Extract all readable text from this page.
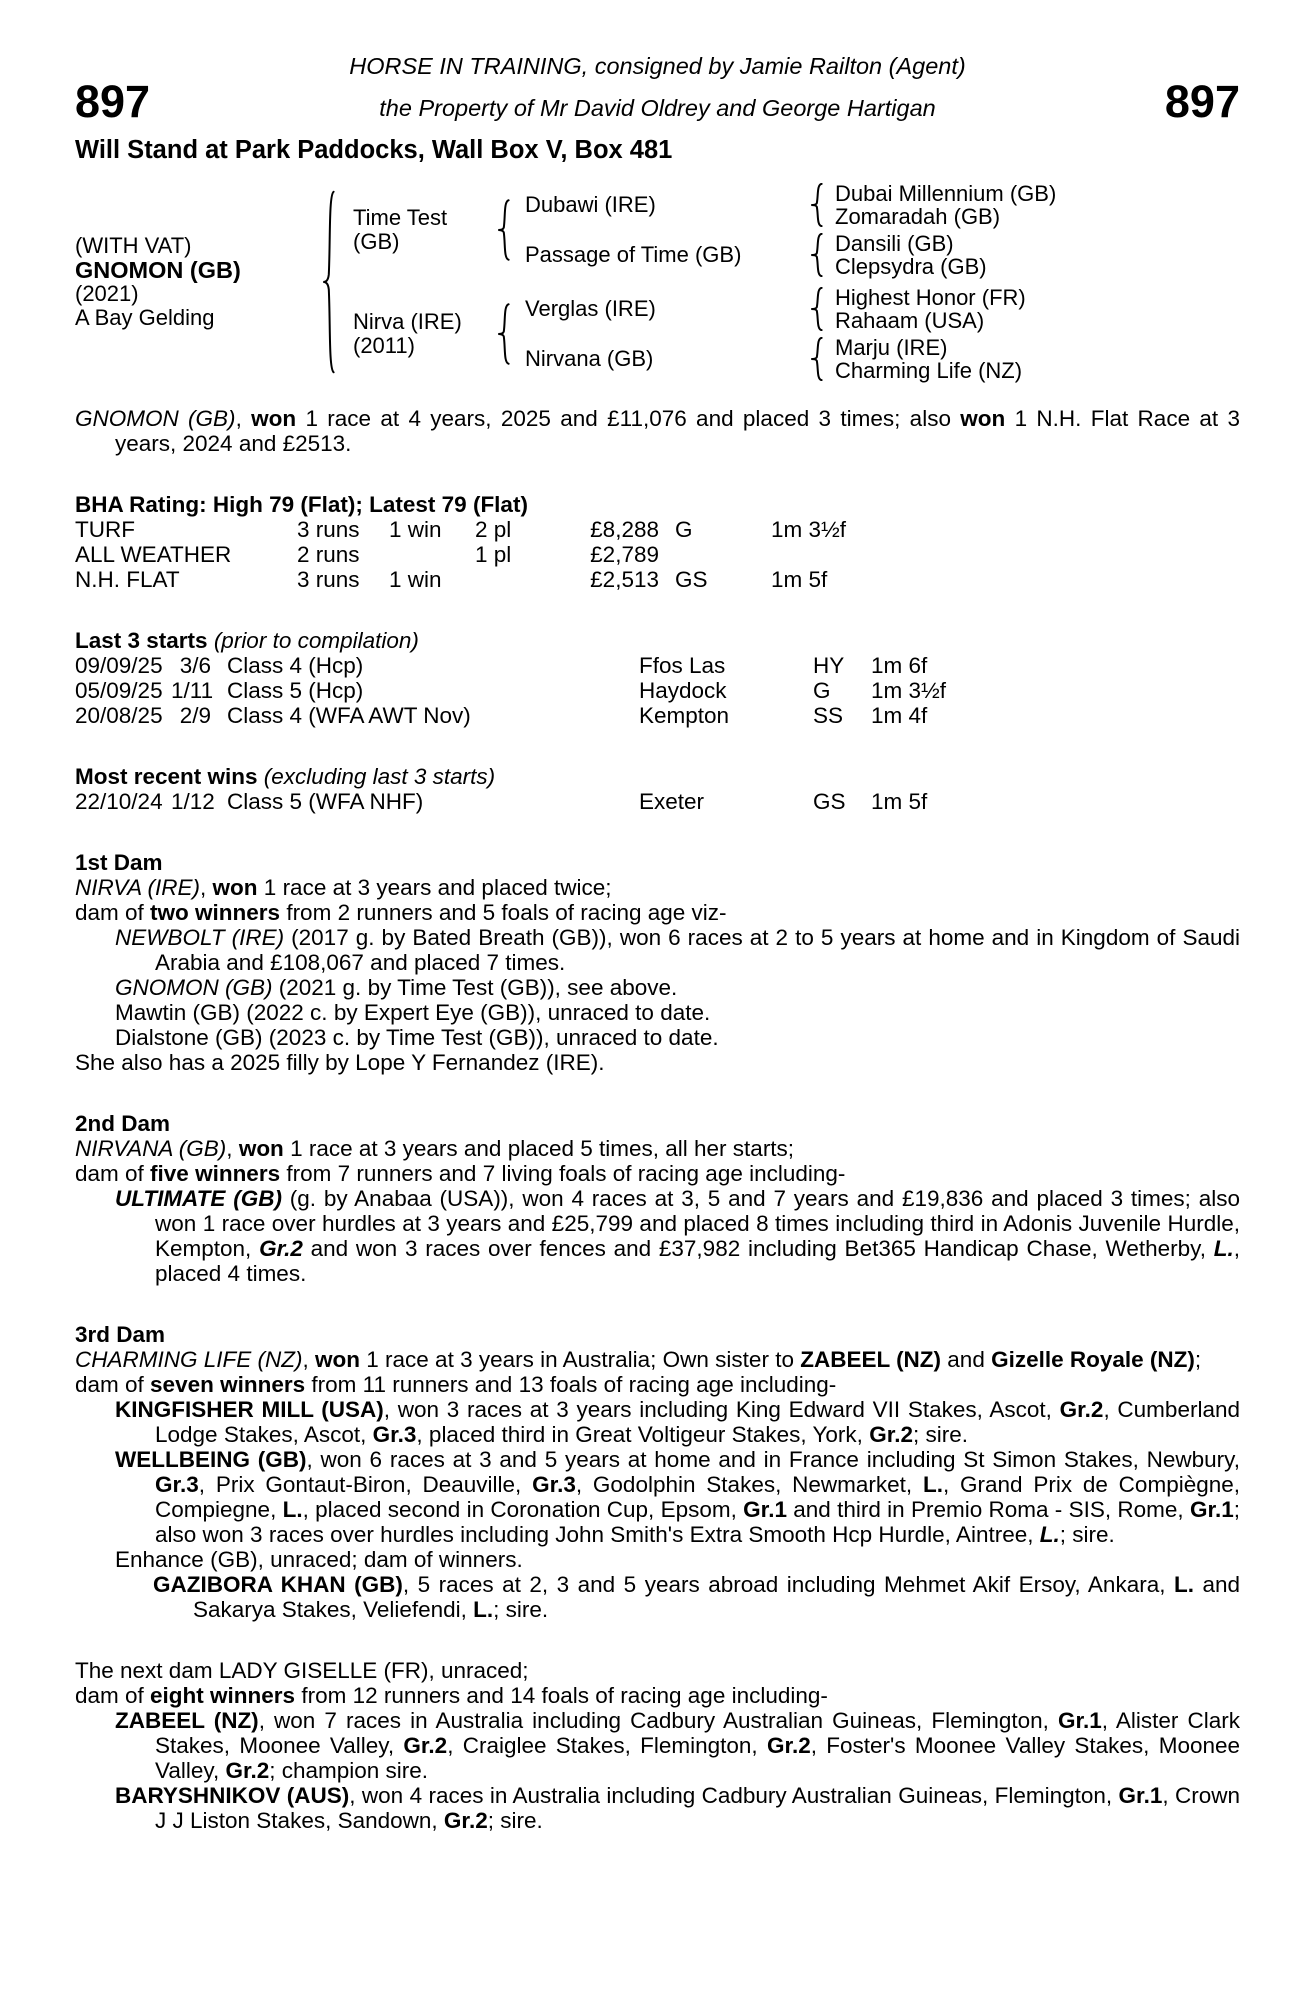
HORSE IN TRAINING, consigned by Jamie Railton (Agent)
897	the Property of Mr David Oldrey and George Hartigan	897
Will Stand at Park Paddocks, Wall Box V, Box 481
(WITH VAT)
GNOMON (GB)
(2021)
A Bay Gelding
Time Test (GB)
Dubawi (IRE)	Dubai Millennium (GB)
Zomaradah (GB)
Passage of Time (GB)	Dansili (GB)
Clepsydra (GB)
Nirva (IRE)
(2011)
Verglas (IRE)	Highest Honor (FR)
Rahaam (USA)
Nirvana (GB)	Marju (IRE)
Charming Life (NZ)

GNOMON (GB), won 1 race at 4 years, 2025 and £11,076 and placed 3 times; also won 1 N.H. Flat Race at 3 years, 2024 and £2513.

BHA Rating: High 79 (Flat); Latest 79 (Flat)
TURF	3 runs	1 win	2 pl	£8,288 G	1m 3½f
ALL WEATHER	2 runs	1 pl	£2,789
N.H. FLAT	3 runs	1 win	£2,513 GS	1m 5f
Last 3 starts (prior to compilation)
09/09/25 3/6 Class 4 (Hcp)	Ffos Las	HY	1m 6f
05/09/25 1/11 Class 5 (Hcp)	Haydock	G	1m 3½f
20/08/25 2/9 Class 4 (WFA AWT Nov)	Kempton	SS	1m 4f
Most recent wins (excluding last 3 starts)
22/10/24 1/12 Class 5 (WFA NHF)	Exeter	GS	1m 5f
1st Dam

NIRVA (IRE), won 1 race at 3 years and placed twice;

dam of two winners from 2 runners and 5 foals of racing age viz-

NEWBOLT (IRE) (2017 g. by Bated Breath (GB)), won 6 races at 2 to 5 years at home and in Kingdom of Saudi Arabia and £108,067 and placed 7 times.

GNOMON (GB) (2021 g. by Time Test (GB)), see above.

Mawtin (GB) (2022 c. by Expert Eye (GB)), unraced to date.

Dialstone (GB) (2023 c. by Time Test (GB)), unraced to date.

She also has a 2025 filly by Lope Y Fernandez (IRE).

2nd Dam

NIRVANA (GB), won 1 race at 3 years and placed 5 times, all her starts;

dam of five winners from 7 runners and 7 living foals of racing age including-

ULTIMATE (GB) (g. by Anabaa (USA)), won 4 races at 3, 5 and 7 years and £19,836 and placed 3 times; also won 1 race over hurdles at 3 years and £25,799 and placed 8 times including third in Adonis Juvenile Hurdle, Kempton, Gr.2 and won 3 races over fences and £37,982 including Bet365 Handicap Chase, Wetherby, L., placed 4 times.

3rd Dam

CHARMING LIFE (NZ), won 1 race at 3 years in Australia; Own sister to ZABEEL (NZ) and Gizelle Royale (NZ);

dam of seven winners from 11 runners and 13 foals of racing age including-

KINGFISHER MILL (USA), won 3 races at 3 years including King Edward VII Stakes, Ascot, Gr.2, Cumberland Lodge Stakes, Ascot, Gr.3, placed third in Great Voltigeur Stakes, York, Gr.2; sire.

WELLBEING (GB), won 6 races at 3 and 5 years at home and in France including St Simon Stakes, Newbury, Gr.3, Prix Gontaut-Biron, Deauville, Gr.3, Godolphin Stakes, Newmarket, L., Grand Prix de Compiègne, Compiegne, L., placed second in Coronation Cup, Epsom, Gr.1 and third in Premio Roma - SIS, Rome, Gr.1; also won 3 races over hurdles including John Smith's Extra Smooth Hcp Hurdle, Aintree, L.; sire.

Enhance (GB), unraced; dam of winners.

GAZIBORA KHAN (GB), 5 races at 2, 3 and 5 years abroad including Mehmet Akif Ersoy, Ankara, L. and Sakarya Stakes, Veliefendi, L.; sire.

The next dam LADY GISELLE (FR), unraced;

dam of eight winners from 12 runners and 14 foals of racing age including-

ZABEEL (NZ), won 7 races in Australia including Cadbury Australian Guineas, Flemington, Gr.1, Alister Clark Stakes, Moonee Valley, Gr.2, Craiglee Stakes, Flemington, Gr.2, Foster's Moonee Valley Stakes, Moonee Valley, Gr.2; champion sire.

BARYSHNIKOV (AUS), won 4 races in Australia including Cadbury Australian Guineas, Flemington, Gr.1, Crown J J Liston Stakes, Sandown, Gr.2; sire.
